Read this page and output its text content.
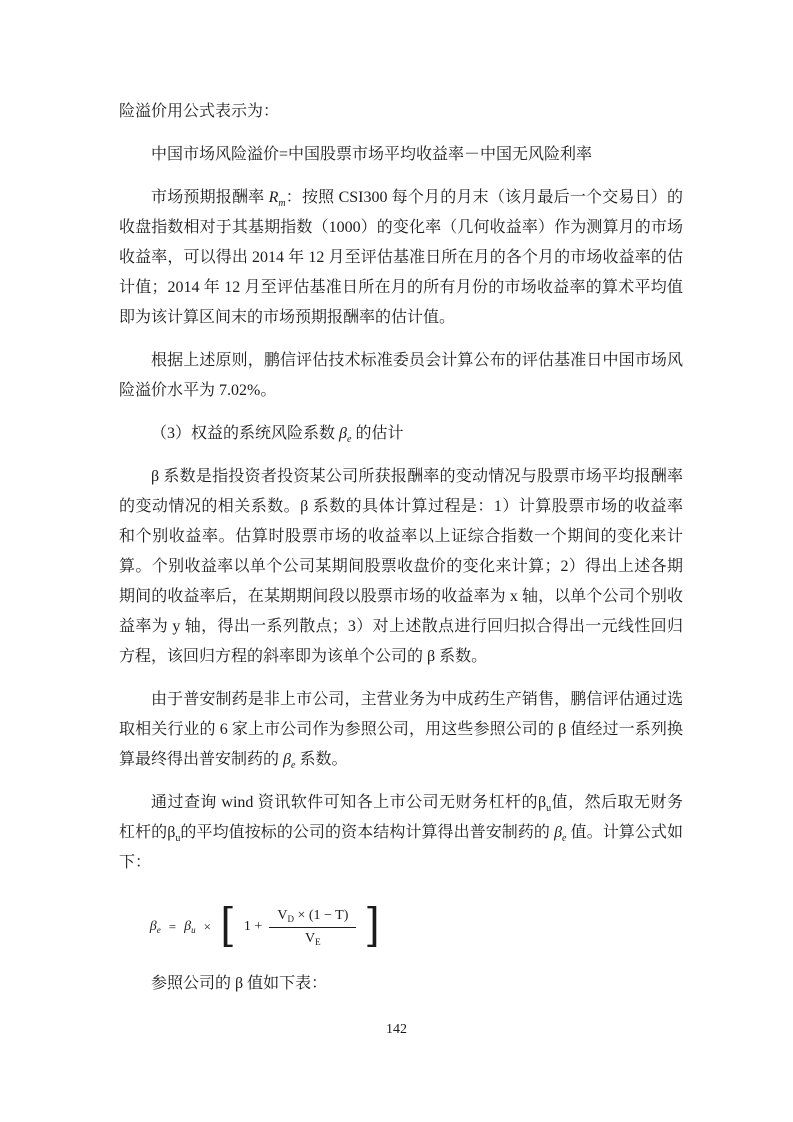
险溢价用公式表示为：

中国市场风险溢价=中国股票市场平均收益率－中国无风险利率

市场预期报酬率 $R_m$：按照 CSI300 每个月的月末（该月最后一个交易日）的收盘指数相对于其基期指数（1000）的变化率（几何收益率）作为测算月的市场收益率，可以得出 2014 年 12 月至评估基准日所在月的各个月的市场收益率的估计值；2014 年 12 月至评估基准日所在月的所有月份的市场收益率的算术平均值即为该计算区间末的市场预期报酬率的估计值。

根据上述原则，鹏信评估技术标准委员会计算公布的评估基准日中国市场风险溢价水平为 7.02%。

（3）权益的系统风险系数 $\beta_e$ 的估计

β 系数是指投资者投资某公司所获报酬率的变动情况与股票市场平均报酬率的变动情况的相关系数。β 系数的具体计算过程是：1）计算股票市场的收益率和个别收益率。估算时股票市场的收益率以上证综合指数一个期间的变化来计算。个别收益率以单个公司某期间股票收盘价的变化来计算；2）得出上述各期期间的收益率后，在某期期间段以股票市场的收益率为 x 轴，以单个公司个别收益率为 y 轴，得出一系列散点；3）对上述散点进行回归拟合得出一元线性回归方程，该回归方程的斜率即为该单个公司的 β 系数。

由于普安制药是非上市公司，主营业务为中成药生产销售，鹏信评估通过选取相关行业的 6 家上市公司作为参照公司，用这些参照公司的 β 值经过一系列换算最终得出普安制药的 $\beta_e$ 系数。

通过查询 wind 资讯软件可知各上市公司无财务杠杆的$\beta_u$值，然后取无财务杠杆的$\beta_u$的平均值按标的公司的资本结构计算得出普安制药的 $\beta_e$ 值。计算公式如下：

$\beta_e = \beta_u$ × [ $1 + \frac{V_D \times (1 - T)}{V_E}$ ]

参照公司的 β 值如下表：

142
